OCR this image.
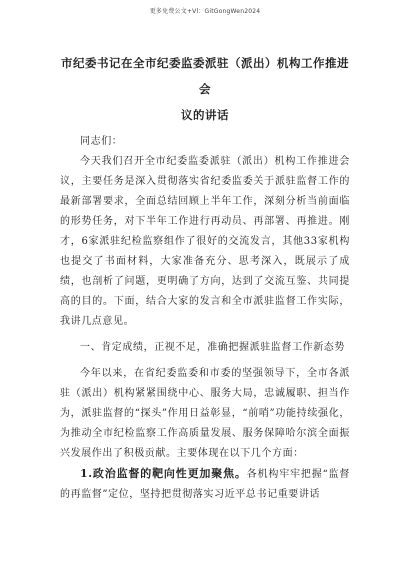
更多免费公文+Vl：GitGongWen2024

市纪委书记在全市纪委监委派驻（派出）机构工作推进会
议的讲话

同志们：

今天我们召开全市纪委监委派驻（派出）机构工作推进会议，主要任务是深入贯彻落实省纪委监委关于派驻监督工作的最新部署要求，全面总结回顾上半年工作，深刻分析当前面临的形势任务，对下半年工作进行再动员、再部署、再推进。刚才，6家派驻纪检监察组作了很好的交流发言，其他33家机构也提交了书面材料，大家准备充分、思考深入，既展示了成绩，也剖析了问题，更明确了方向，达到了交流互鉴、共同提高的目的。下面，结合大家的发言和全市派驻监督工作实际，我讲几点意见。

一、肯定成绩，正视不足，准确把握派驻监督工作新态势

今年以来，在省纪委监委和市委的坚强领导下，全市各派驻（派出）机构紧紧围绕中心、服务大局，忠诚履职、担当作为，派驻监督的“探头”作用日益彰显，“前哨”功能持续强化，为推动全市纪检监察工作高质量发展、服务保障哈尔滨全面振兴发展作出了积极贡献。主要体现在以下几个方面：

1.政治监督的靶向性更加聚焦。各机构牢牢把握“监督的再监督”定位，坚持把贯彻落实习近平总书记重要讲话
